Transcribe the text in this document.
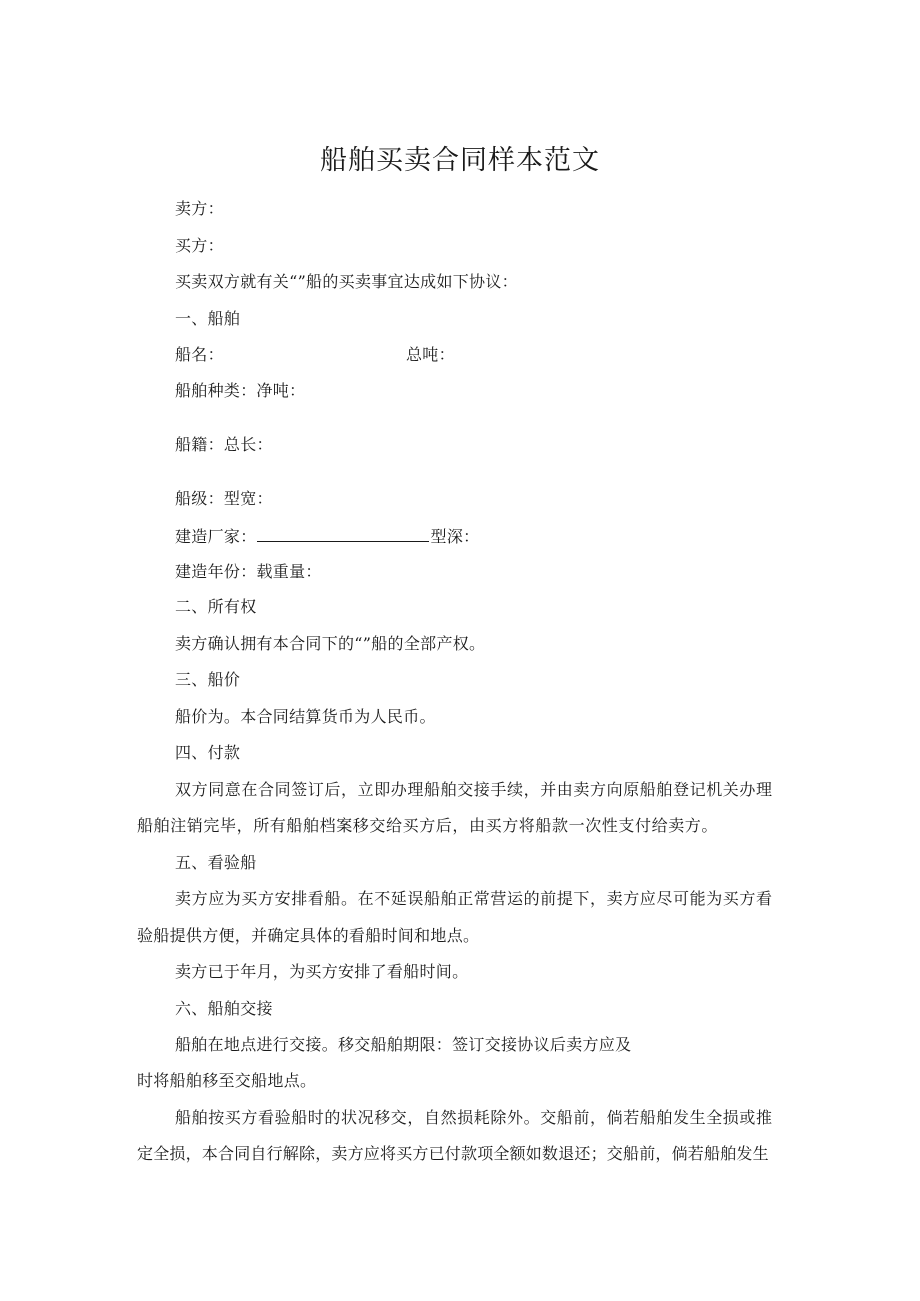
船舶买卖合同样本范文
卖方：
买方：
买卖双方就有关“”船的买卖事宜达成如下协议：
一、船舶
船名：	总吨：
船舶种类：净吨：
船籍：总长：
船级：型宽：
建造厂家：	型深：
建造年份：载重量：
二、所有权
卖方确认拥有本合同下的“”船的全部产权。
三、船价
船价为。本合同结算货币为人民币。
四、付款
双方同意在合同签订后，立即办理船舶交接手续，并由卖方向原船舶登记机关办理
船舶注销完毕，所有船舶档案移交给买方后，由买方将船款一次性支付给卖方。
五、看验船
卖方应为买方安排看船。在不延误船舶正常营运的前提下，卖方应尽可能为买方看
验船提供方便，并确定具体的看船时间和地点。
卖方已于年月，为买方安排了看船时间。
六、船舶交接
船舶在地点进行交接。移交船舶期限：签订交接协议后卖方应及
时将船舶移至交船地点。
船舶按买方看验船时的状况移交，自然损耗除外。交船前，倘若船舶发生全损或推
定全损，本合同自行解除，卖方应将买方已付款项全额如数退还；交船前，倘若船舶发生
